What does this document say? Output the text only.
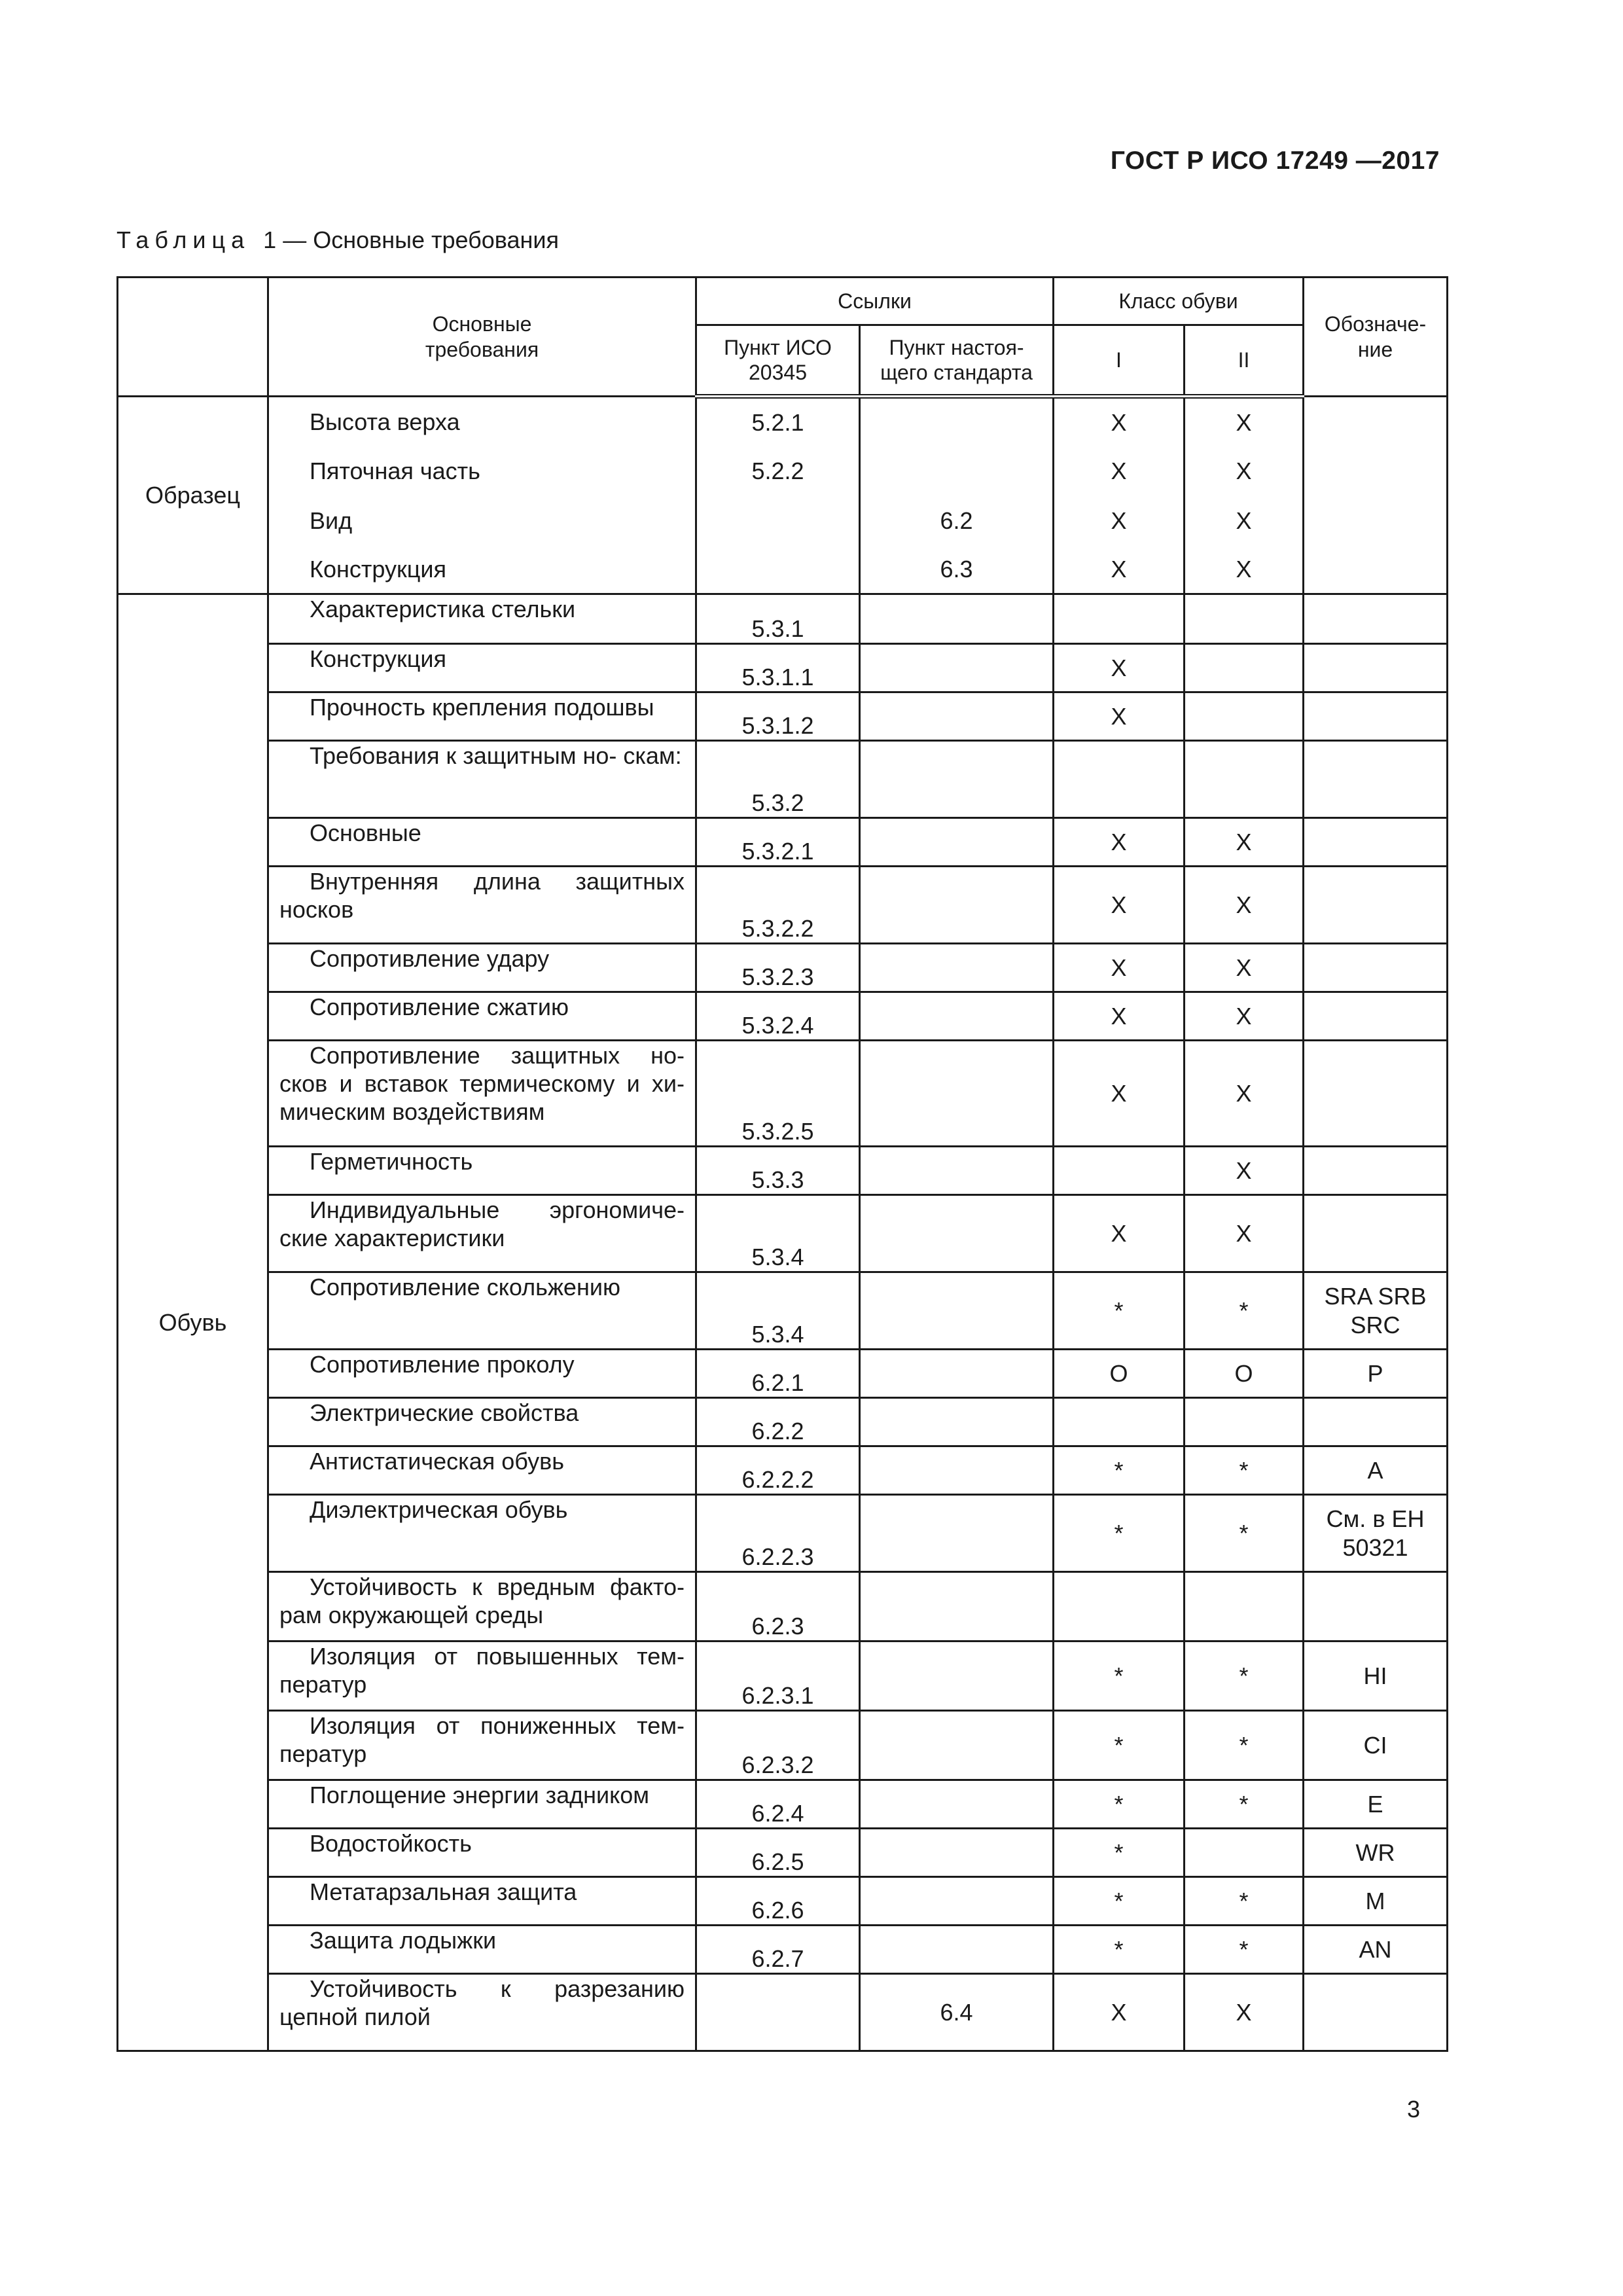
ГОСТ Р ИСО 17249 —2017
Таблица 1 — Основные требования
	Основные требования	Ссылки		Класс обуви		Обозначе- ние
		Пункт ИСО 20345	Пункт настоя- щего стандарта	I	II	
Образец	Высота верха	5.2.1		X	X	
	Пяточная часть	5.2.2		X	X	
	Вид		6.2	X	X	
	Конструкция		6.3	X	X	
Обувь	Характеристика стельки	5.3.1				
	Конструкция	5.3.1.1		X		
	Прочность крепления подошвы	5.3.1.2		X		
	Требования к защитным но- скам:	5.3.2				
	Основные	5.3.2.1		X	X	
	Внутренняя длина защитных носков	5.3.2.2		X	X	
	Сопротивление удару	5.3.2.3		X	X	
	Сопротивление сжатию	5.3.2.4		X	X	
	Сопротивление защитных но- сков и вставок термическому и хи- мическим воздействиям	5.3.2.5		X	X	
	Герметичность	5.3.3			X	
	Индивидуальные эргономиче- ские характеристики	5.3.4		X	X	
	Сопротивление скольжению	5.3.4		*	*	SRA SRB SRC
	Сопротивление проколу	6.2.1		O	O	P
	Электрические свойства	6.2.2				
	Антистатическая обувь	6.2.2.2		*	*	A
	Диэлектрическая обувь	6.2.2.3		*	*	См. в ЕН 50321
	Устойчивость к вредным факто- рам окружающей среды	6.2.3				
	Изоляция от повышенных тем- ператур	6.2.3.1		*	*	HI
	Изоляция от пониженных тем- ператур	6.2.3.2		*	*	CI
	Поглощение энергии задником	6.2.4		*	*	E
	Водостойкость	6.2.5		*		WR
	Метатарзальная защита	6.2.6		*	*	M
	Защита лодыжки	6.2.7		*	*	AN
	Устойчивость к разрезанию цепной пилой		6.4	X	X	
3
